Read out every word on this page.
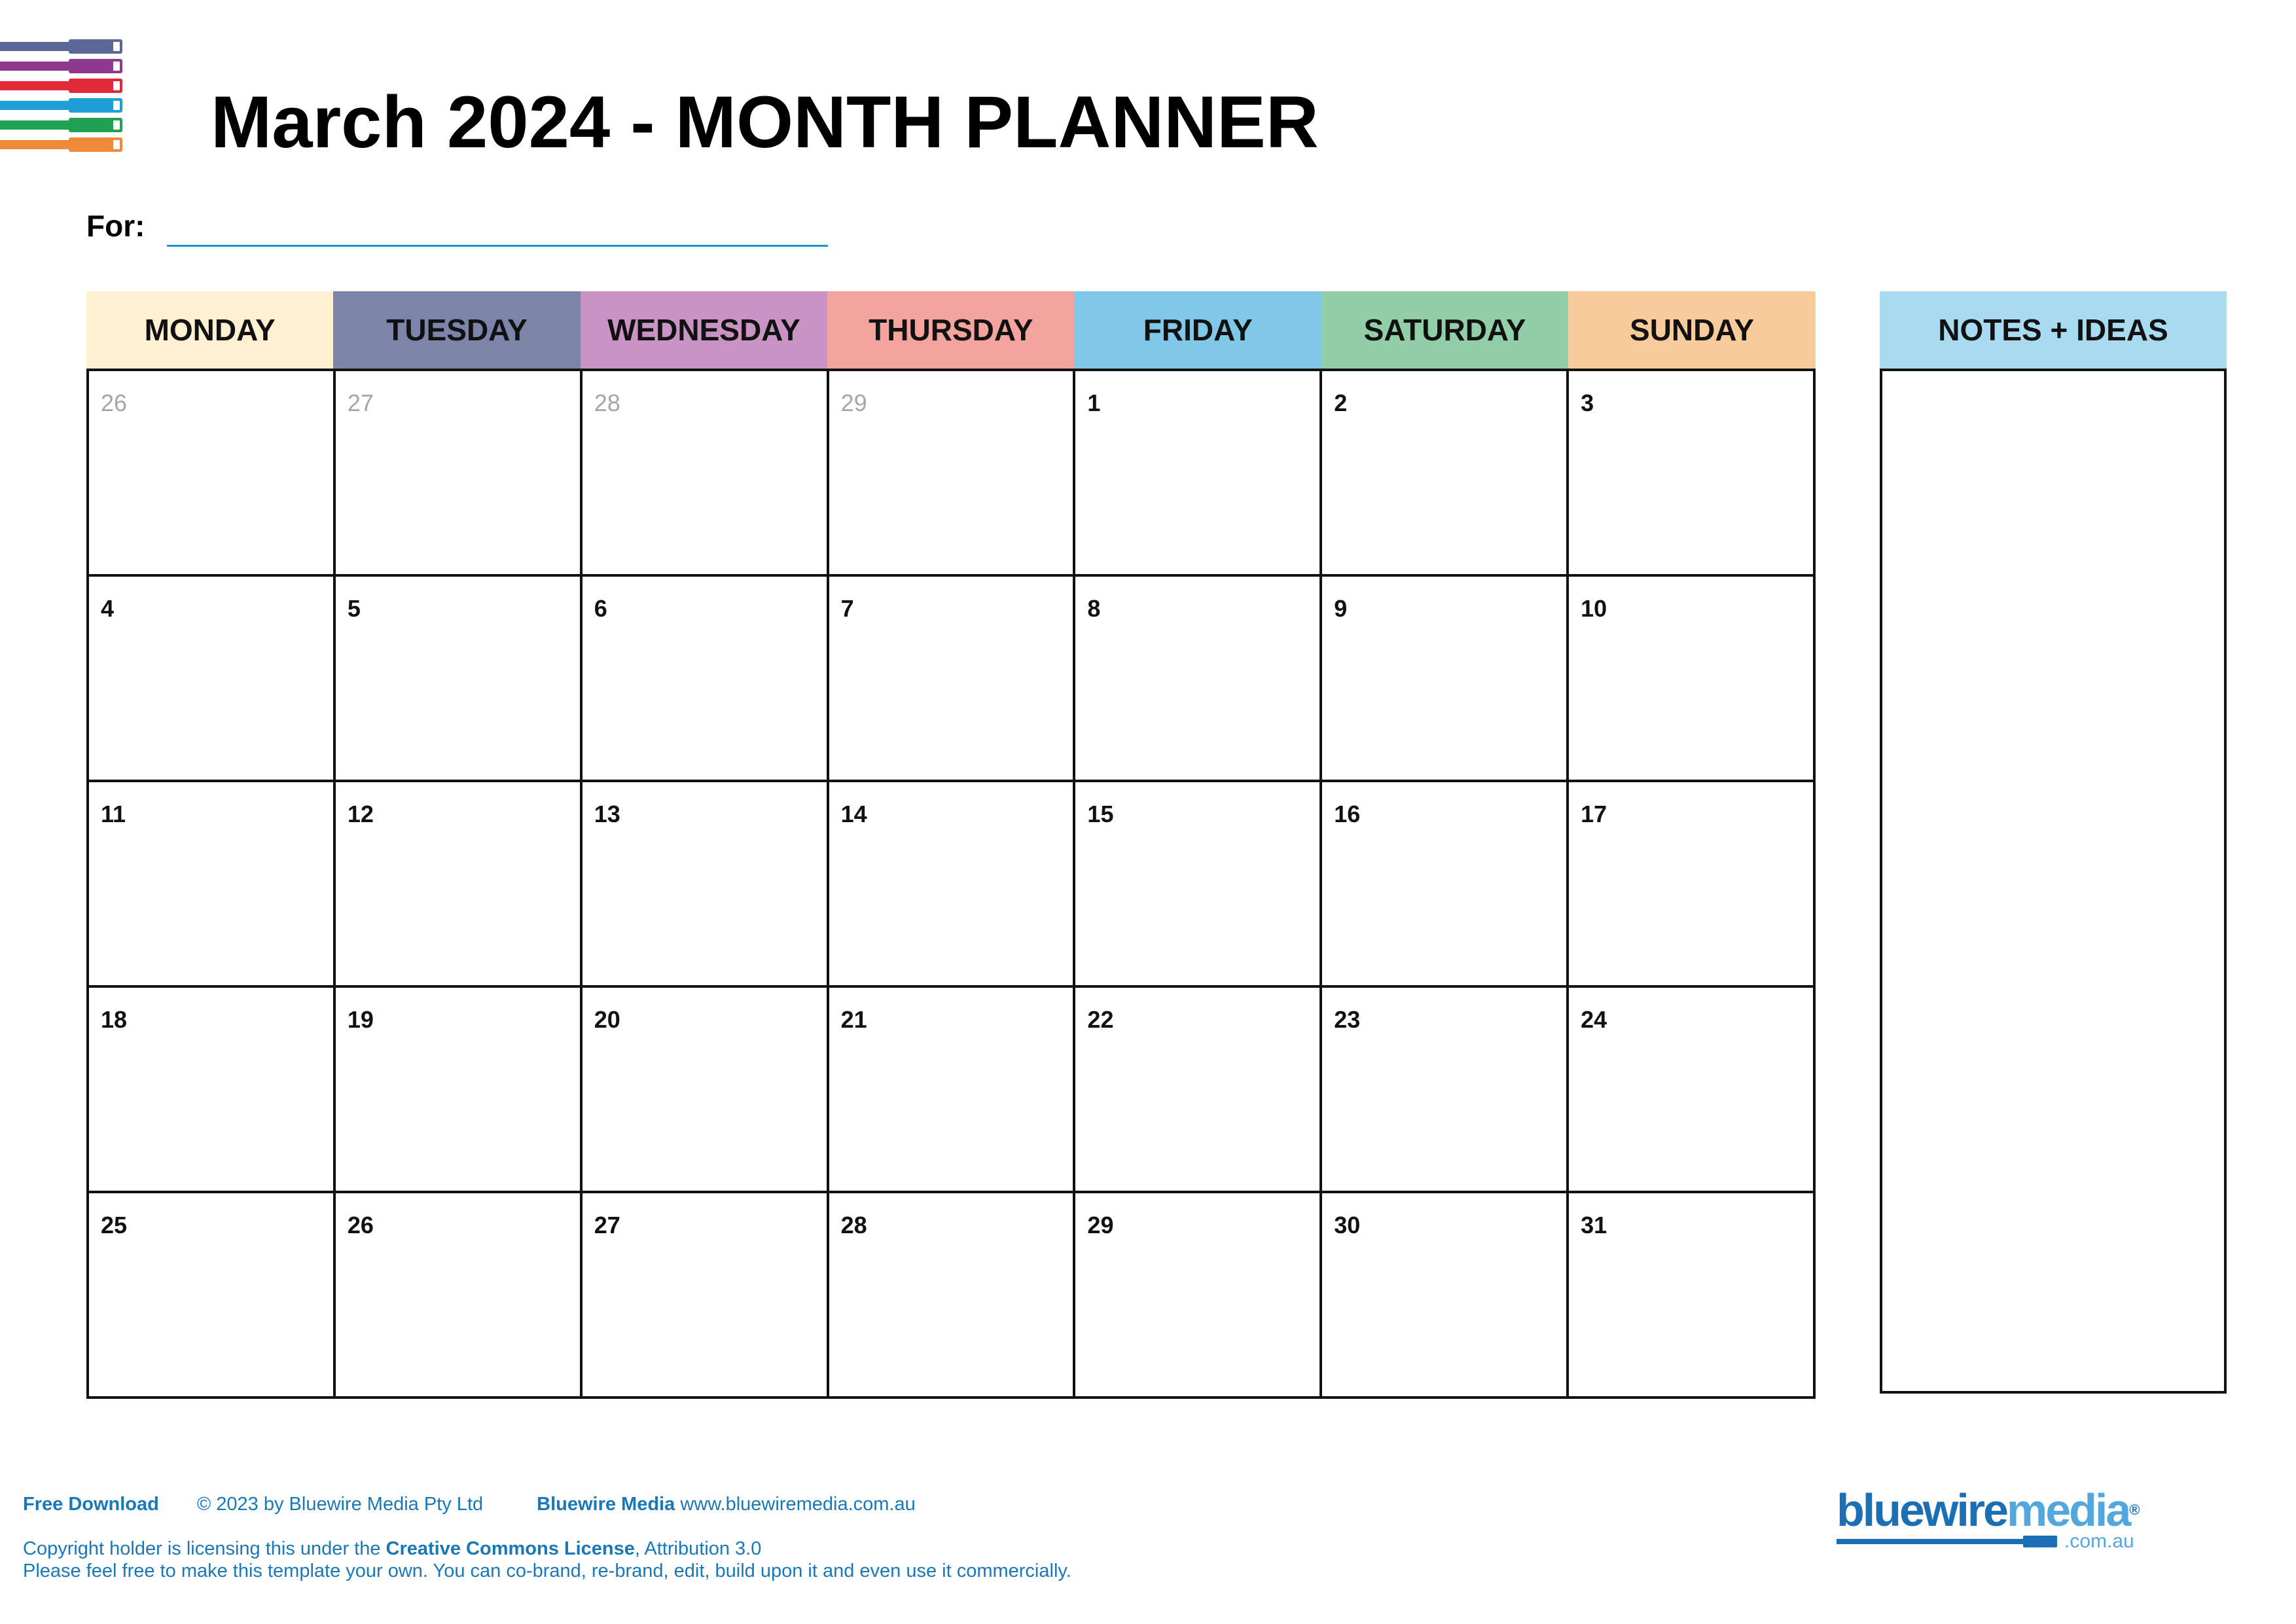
March 2024 - MONTH PLANNER
For:
MONDAY	TUESDAY	WEDNESDAY	THURSDAY	FRIDAY	SATURDAY	SUNDAY
26	27	28	29	1	2	3
4	5	6	7	8	9	10
11	12	13	14	15	16	17
18	19	20	21	22	23	24
25	26	27	28	29	30	31
NOTES + IDEAS
Free Download © 2023 by Bluewire Media Pty Ltd	Bluewire Media www.bluewiremedia.com.au
Copyright holder is licensing this under the Creative Commons License, Attribution 3.0
Please feel free to make this template your own. You can co-brand, re-brand, edit, build upon it and even use it commercially.
bluewiremedia®
.com.au
